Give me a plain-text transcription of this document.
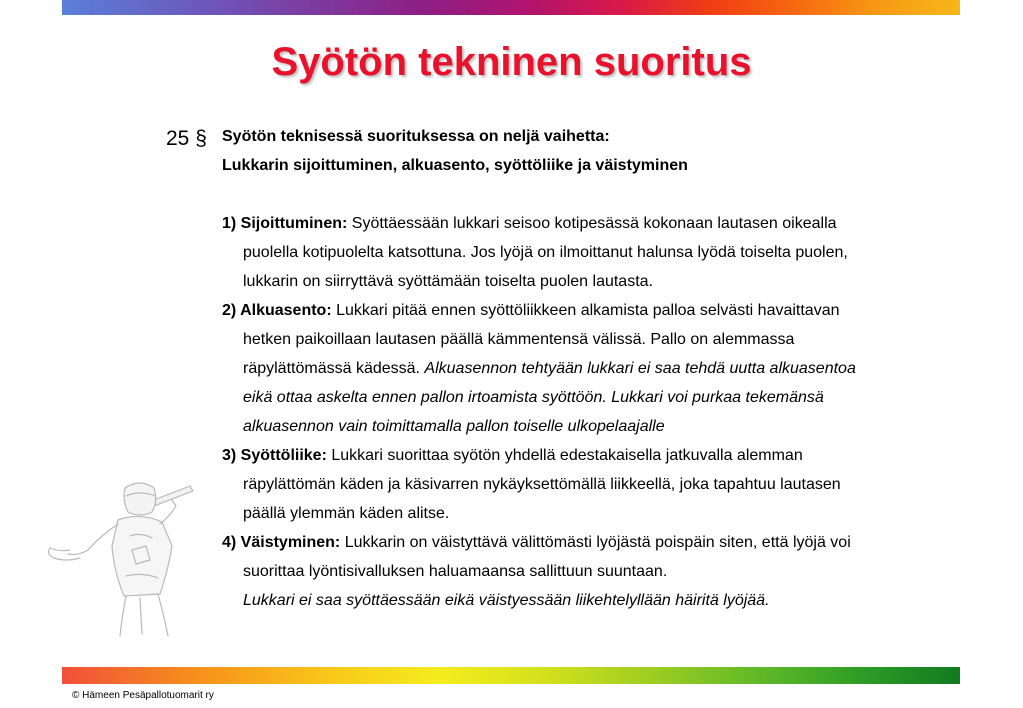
Syötön tekninen suoritus
25 § Syötön teknisessä suorituksessa on neljä vaihetta:
Lukkarin sijoittuminen, alkuasento, syöttöliike ja väistyminen
1) Sijoittuminen: Syöttäessään lukkari seisoo kotipesässä kokonaan lautasen oikealla
puolella kotipuolelta katsottuna. Jos lyöjä on ilmoittanut halunsa lyödä toiselta puolen,
lukkarin on siirryttävä syöttämään toiselta puolen lautasta.
2) Alkuasento: Lukkari pitää ennen syöttöliikkeen alkamista palloa selvästi havaittavan
hetken paikoillaan lautasen päällä kämmentensä välissä. Pallo on alemmassa
räpylättömässä kädessä. Alkuasennon tehtyään lukkari ei saa tehdä uutta alkuasentoa
eikä ottaa askelta ennen pallon irtoamista syöttöön. Lukkari voi purkaa tekemänsä
alkuasennon vain toimittamalla pallon toiselle ulkopelaajalle
3) Syöttöliike: Lukkari suorittaa syötön yhdellä edestakaisella jatkuvalla alemman
räpylättömän käden ja käsivarren nykäyksettömällä liikkeellä, joka tapahtuu lautasen
päällä ylemmän käden alitse.
4) Väistyminen: Lukkarin on väistyttävä välittömästi lyöjästä poispäin siten, että lyöjä voi
suorittaa lyöntisivalluksen haluamaansa sallittuun suuntaan.
Lukkari ei saa syöttäessään eikä väistyessään liikehtelyllään häiritä lyöjää.
© Hämeen Pesäpallotuomarit ry
